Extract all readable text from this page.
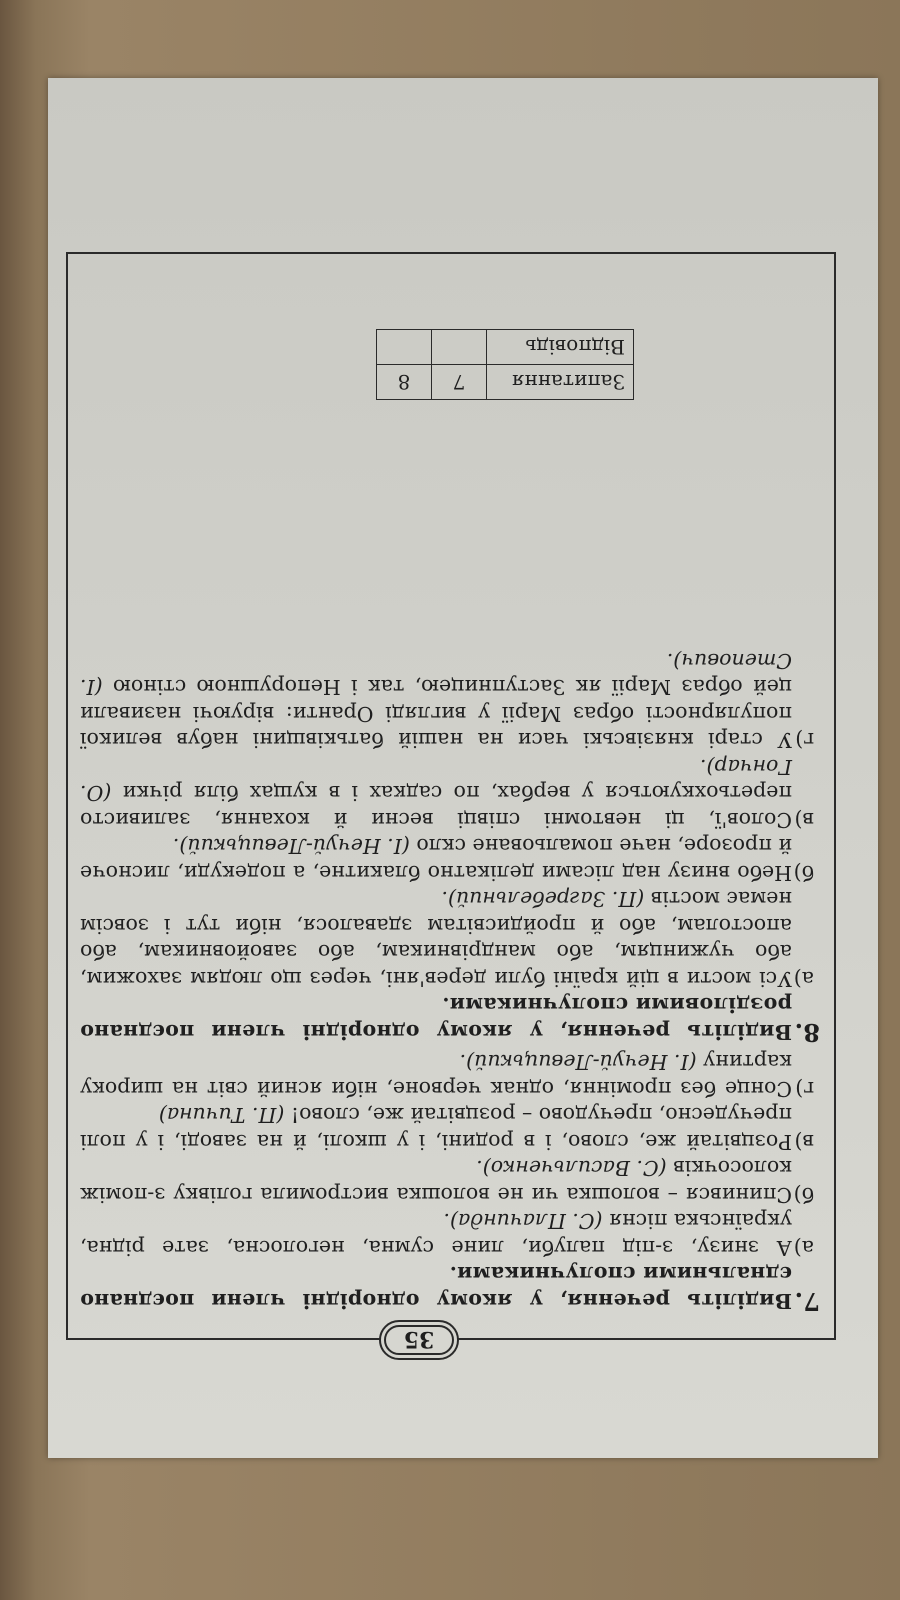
35
7.
Виділіть речення, у якому однорідні члени поєднано єднальними сполучниками.
а)
А знизу, з-під палуби, лине сумна, неголосна, зате рідна, українська пісня (С. Плачинда).
б)
Спинився – волошка чи не волошка вистромила голівку з-поміж колосочків (С. Васильченко).
в)
Розцвітай же, слово, і в родині, і у школі, й на заводі, і у полі пречудесно, пречудово – розцвітай же, слово! (П. Тичина)
г)
Сонце без проміння, однак червоне, ніби ясний світ на широку картину (І. Нечуй-Левицький).
8.
Виділіть речення, у якому однорідні члени поєднано розділовими сполучниками.
а)
Усі мости в цій країні були дерев'яні, через що людям захожим, або чужинцям, або мандрівникам, або завойовникам, або апостолам, або й пройдисвітам здавалося, ніби тут і зовсім немає мостів (П. Загребельний).
б)
Небо внизу над лісами делікатно блакитне, а подекуди, лисноче й прозоре, наче помальоване скло (І. Нечуй-Левицький).
в)
Солов'ї, ці невтомні співці весни й кохання, заливисто перетьохкуються у вербах, по садках і в кущах біля річки (О. Гончар).
г)
У старі князівські часи на нашій батьківщині набув великої популярності образ Марії у вигляді Оранти: віруючі називали цей образ Марії як Заступницею, так і Непорушною стіною (І. Степович).
Запитання	7	8
Відповідь		
